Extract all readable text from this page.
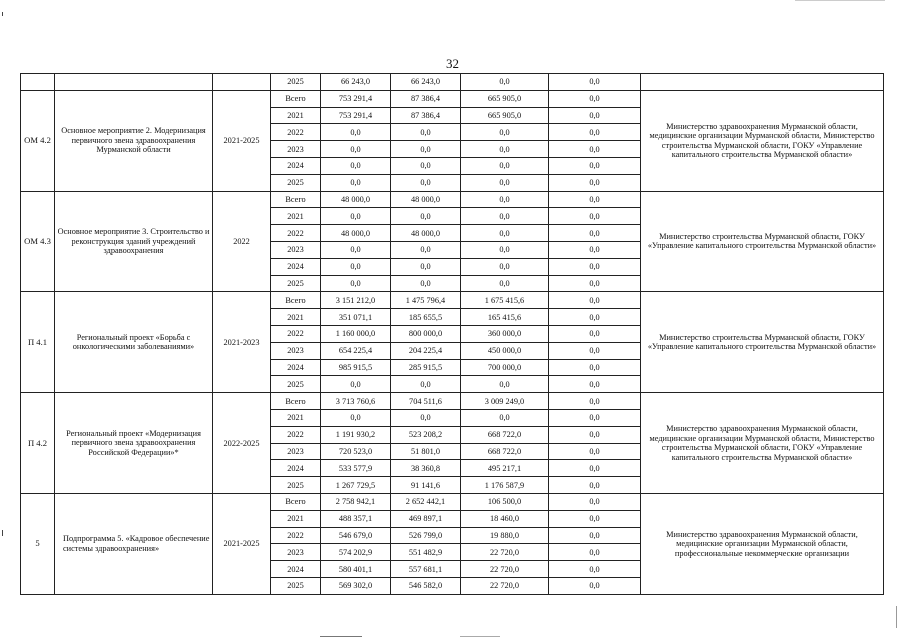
32
			2025	66 243,0	66 243,0	0,0	0,0	
ОМ 4.2	Основное мероприятие 2. Модернизация первичного звена здравоохранения Мурманской области	2021-2025	Всего	753 291,4	87 386,4	665 905,0	0,0	Министерство здравоохранения Мурманской области, медицинские организации Мурманской области, Министерство строительства Мурманской области, ГОКУ «Управление капитального строительства Мурманской области»
			2021	753 291,4	87 386,4	665 905,0	0,0	
			2022	0,0	0,0	0,0	0,0	
			2023	0,0	0,0	0,0	0,0	
			2024	0,0	0,0	0,0	0,0	
			2025	0,0	0,0	0,0	0,0	
ОМ 4.3	Основное мероприятие 3. Строительство и реконструкция зданий учреждений здравоохранения	2022	Всего	48 000,0	48 000,0	0,0	0,0	Министерство строительства Мурманской области, ГОКУ «Управление капитального строительства Мурманской области»
			2021	0,0	0,0	0,0	0,0	
			2022	48 000,0	48 000,0	0,0	0,0	
			2023	0,0	0,0	0,0	0,0	
			2024	0,0	0,0	0,0	0,0	
			2025	0,0	0,0	0,0	0,0	
П 4.1	Региональный проект «Борьба с онкологическими заболеваниями»	2021-2023	Всего	3 151 212,0	1 475 796,4	1 675 415,6	0,0	Министерство строительства Мурманской области, ГОКУ «Управление капитального строительства Мурманской области»
			2021	351 071,1	185 655,5	165 415,6	0,0	
			2022	1 160 000,0	800 000,0	360 000,0	0,0	
			2023	654 225,4	204 225,4	450 000,0	0,0	
			2024	985 915,5	285 915,5	700 000,0	0,0	
			2025	0,0	0,0	0,0	0,0	
П 4.2	Региональный проект «Модернизация первичного звена здравоохранения Российской Федерации»*	2022-2025	Всего	3 713 760,6	704 511,6	3 009 249,0	0,0	Министерство здравоохранения Мурманской области, медицинские организации Мурманской области, Министерство строительства Мурманской области, ГОКУ «Управление капитального строительства Мурманской области»
			2021	0,0	0,0	0,0	0,0	
			2022	1 191 930,2	523 208,2	668 722,0	0,0	
			2023	720 523,0	51 801,0	668 722,0	0,0	
			2024	533 577,9	38 360,8	495 217,1	0,0	
			2025	1 267 729,5	91 141,6	1 176 587,9	0,0	
5	Подпрограмма 5. «Кадровое обеспечение системы здравоохранения»	2021-2025	Всего	2 758 942,1	2 652 442,1	106 500,0	0,0	Министерство здравоохранения Мурманской области, медицинские организации Мурманской области, профессиональные некоммерческие организации
			2021	488 357,1	469 897,1	18 460,0	0,0	
			2022	546 679,0	526 799,0	19 880,0	0,0	
			2023	574 202,9	551 482,9	22 720,0	0,0	
			2024	580 401,1	557 681,1	22 720,0	0,0	
			2025	569 302,0	546 582,0	22 720,0	0,0	
